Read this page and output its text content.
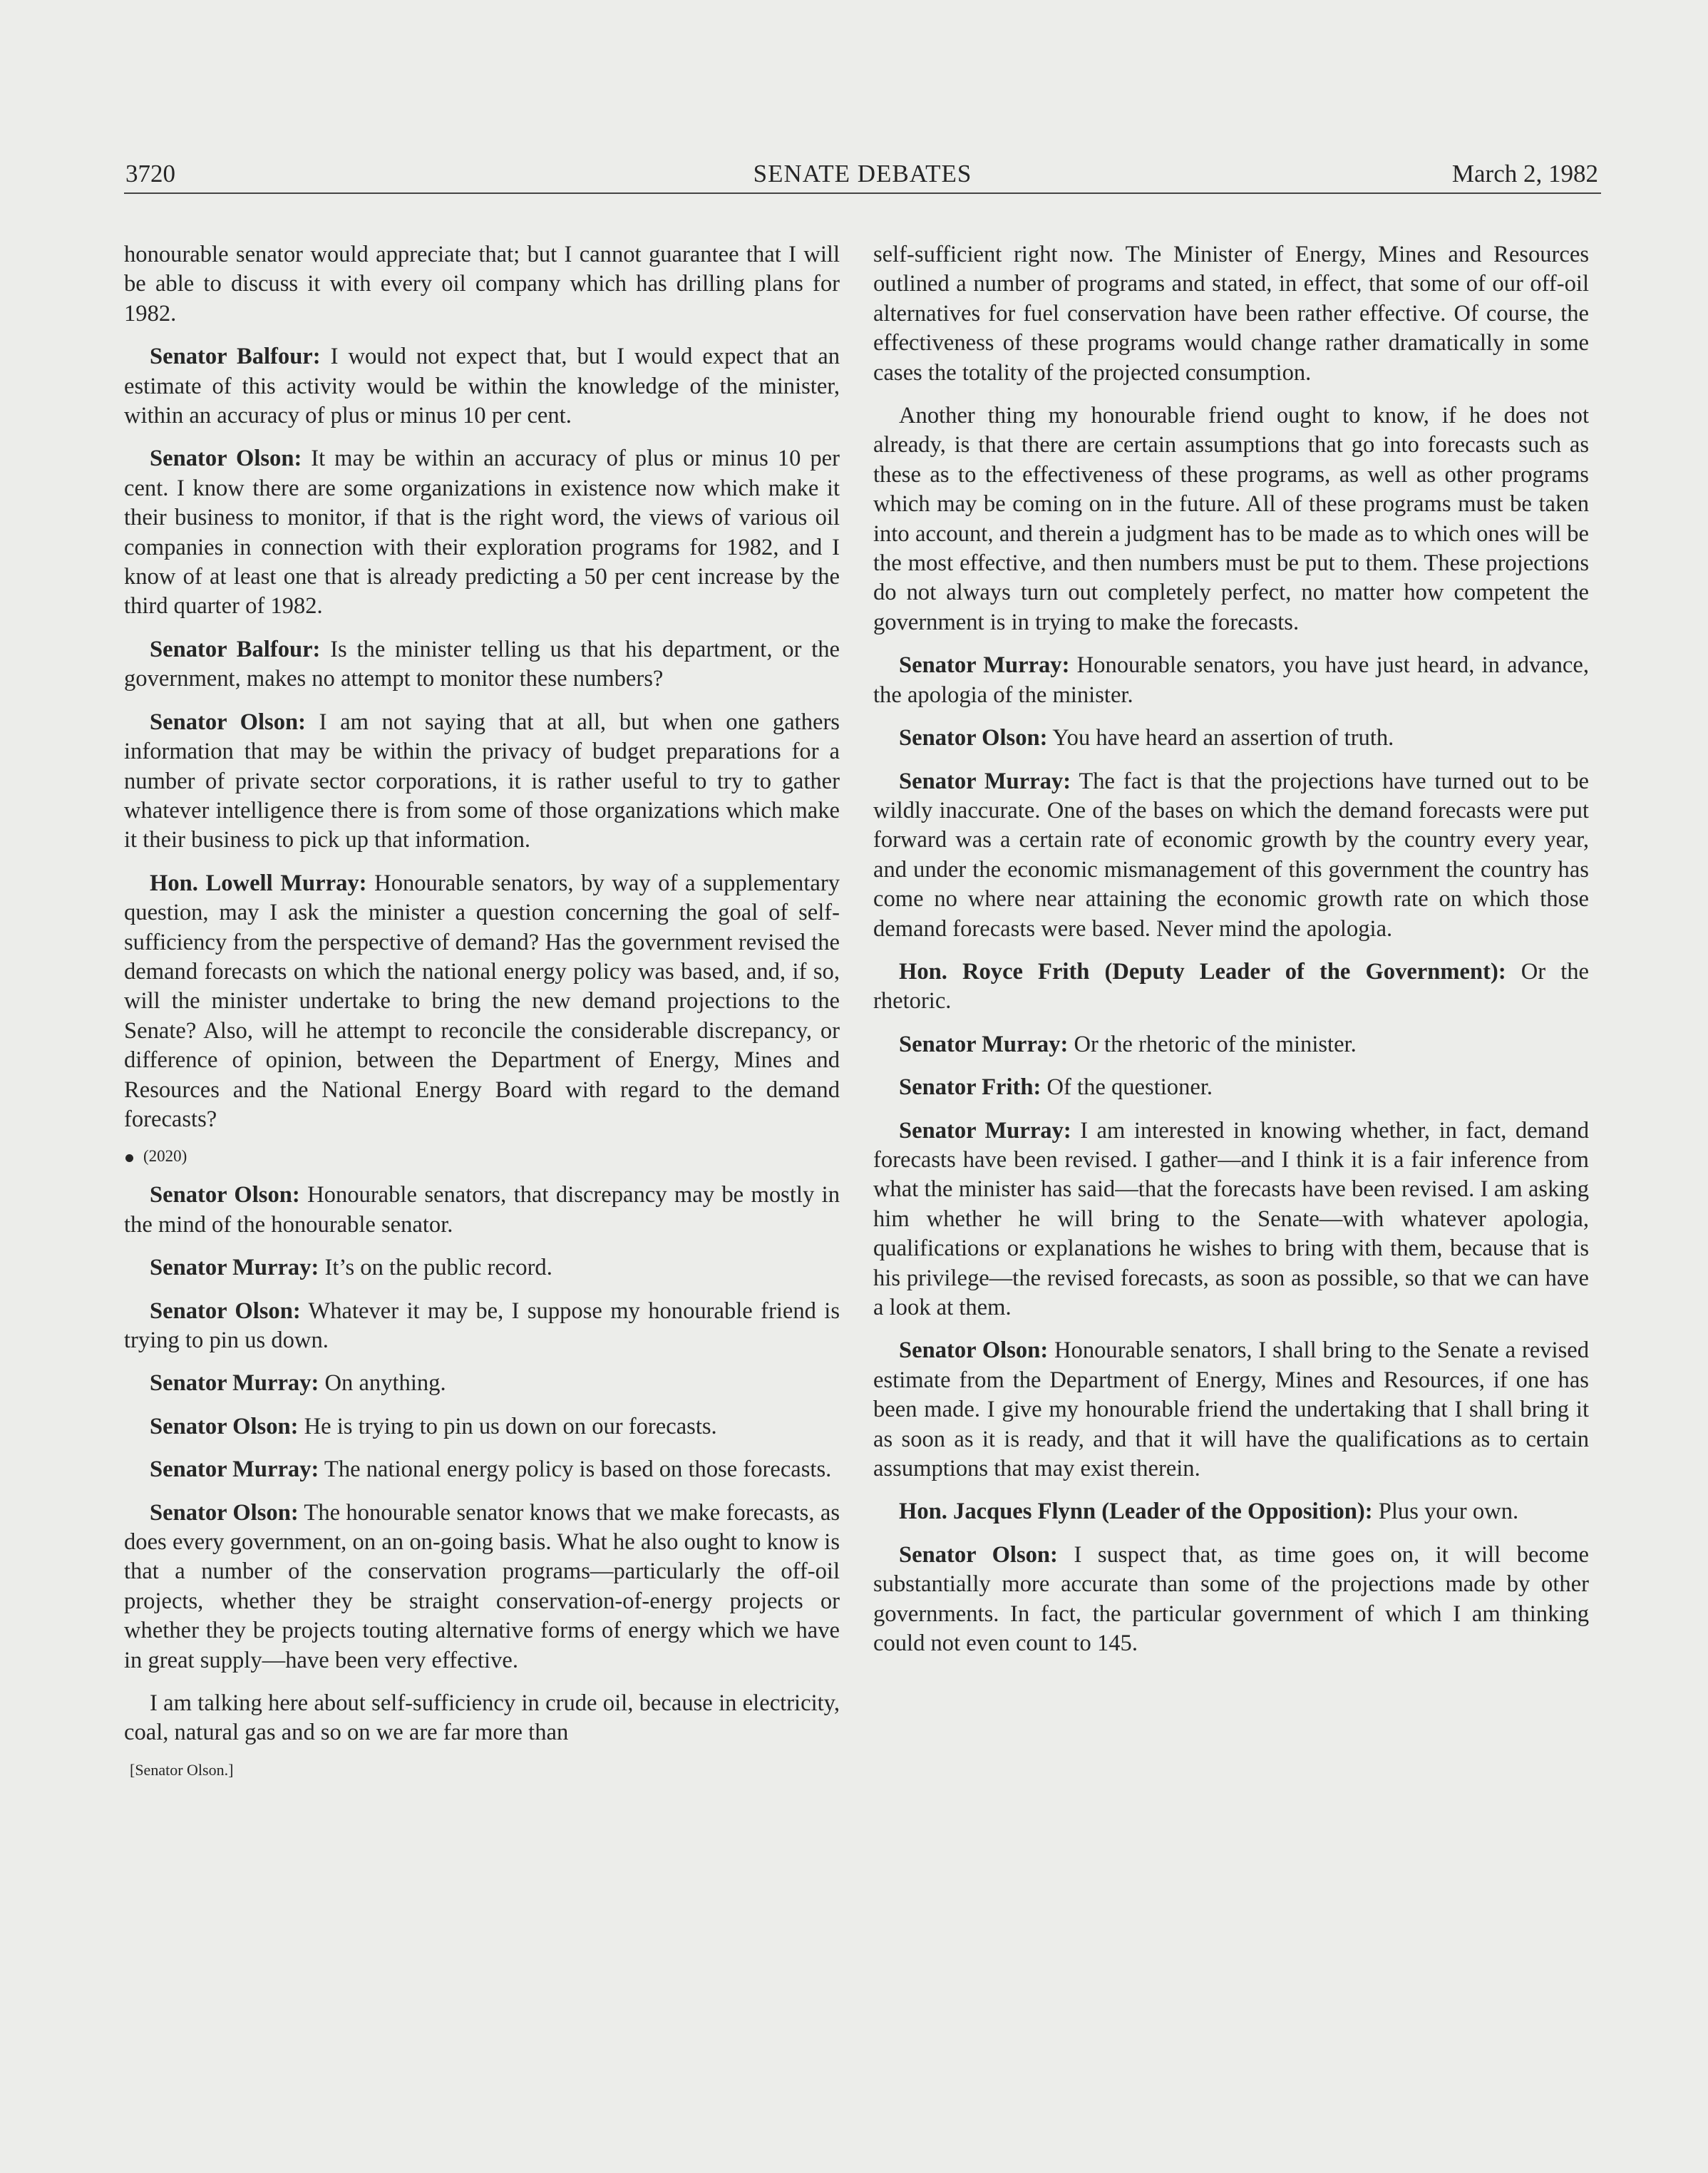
3720	SENATE DEBATES	March 2, 1982

honourable senator would appreciate that; but I cannot guarantee that I will be able to discuss it with every oil company which has drilling plans for 1982.

Senator Balfour: I would not expect that, but I would expect that an estimate of this activity would be within the knowledge of the minister, within an accuracy of plus or minus 10 per cent.

Senator Olson: It may be within an accuracy of plus or minus 10 per cent. I know there are some organizations in existence now which make it their business to monitor, if that is the right word, the views of various oil companies in connection with their exploration programs for 1982, and I know of at least one that is already predicting a 50 per cent increase by the third quarter of 1982.

Senator Balfour: Is the minister telling us that his department, or the government, makes no attempt to monitor these numbers?

Senator Olson: I am not saying that at all, but when one gathers information that may be within the privacy of budget preparations for a number of private sector corporations, it is rather useful to try to gather whatever intelligence there is from some of those organizations which make it their business to pick up that information.

Hon. Lowell Murray: Honourable senators, by way of a supplementary question, may I ask the minister a question concerning the goal of self-sufficiency from the perspective of demand? Has the government revised the demand forecasts on which the national energy policy was based, and, if so, will the minister undertake to bring the new demand projections to the Senate? Also, will he attempt to reconcile the considerable discrepancy, or difference of opinion, between the Department of Energy, Mines and Resources and the National Energy Board with regard to the demand forecasts?

(2020)

Senator Olson: Honourable senators, that discrepancy may be mostly in the mind of the honourable senator.

Senator Murray: It’s on the public record.

Senator Olson: Whatever it may be, I suppose my honourable friend is trying to pin us down.

Senator Murray: On anything.

Senator Olson: He is trying to pin us down on our forecasts.

Senator Murray: The national energy policy is based on those forecasts.

Senator Olson: The honourable senator knows that we make forecasts, as does every government, on an on-going basis. What he also ought to know is that a number of the conservation programs—particularly the off-oil projects, whether they be straight conservation-of-energy projects or whether they be projects touting alternative forms of energy which we have in great supply—have been very effective.

I am talking here about self-sufficiency in crude oil, because in electricity, coal, natural gas and so on we are far more than

[Senator Olson.]

self-sufficient right now. The Minister of Energy, Mines and Resources outlined a number of programs and stated, in effect, that some of our off-oil alternatives for fuel conservation have been rather effective. Of course, the effectiveness of these programs would change rather dramatically in some cases the totality of the projected consumption.

Another thing my honourable friend ought to know, if he does not already, is that there are certain assumptions that go into forecasts such as these as to the effectiveness of these programs, as well as other programs which may be coming on in the future. All of these programs must be taken into account, and therein a judgment has to be made as to which ones will be the most effective, and then numbers must be put to them. These projections do not always turn out completely perfect, no matter how competent the government is in trying to make the forecasts.

Senator Murray: Honourable senators, you have just heard, in advance, the apologia of the minister.

Senator Olson: You have heard an assertion of truth.

Senator Murray: The fact is that the projections have turned out to be wildly inaccurate. One of the bases on which the demand forecasts were put forward was a certain rate of economic growth by the country every year, and under the economic mismanagement of this government the country has come no where near attaining the economic growth rate on which those demand forecasts were based. Never mind the apologia.

Hon. Royce Frith (Deputy Leader of the Government): Or the rhetoric.

Senator Murray: Or the rhetoric of the minister.

Senator Frith: Of the questioner.

Senator Murray: I am interested in knowing whether, in fact, demand forecasts have been revised. I gather—and I think it is a fair inference from what the minister has said—that the forecasts have been revised. I am asking him whether he will bring to the Senate—with whatever apologia, qualifications or explanations he wishes to bring with them, because that is his privilege—the revised forecasts, as soon as possible, so that we can have a look at them.

Senator Olson: Honourable senators, I shall bring to the Senate a revised estimate from the Department of Energy, Mines and Resources, if one has been made. I give my honourable friend the undertaking that I shall bring it as soon as it is ready, and that it will have the qualifications as to certain assumptions that may exist therein.

Hon. Jacques Flynn (Leader of the Opposition): Plus your own.

Senator Olson: I suspect that, as time goes on, it will become substantially more accurate than some of the projections made by other governments. In fact, the particular government of which I am thinking could not even count to 145.
